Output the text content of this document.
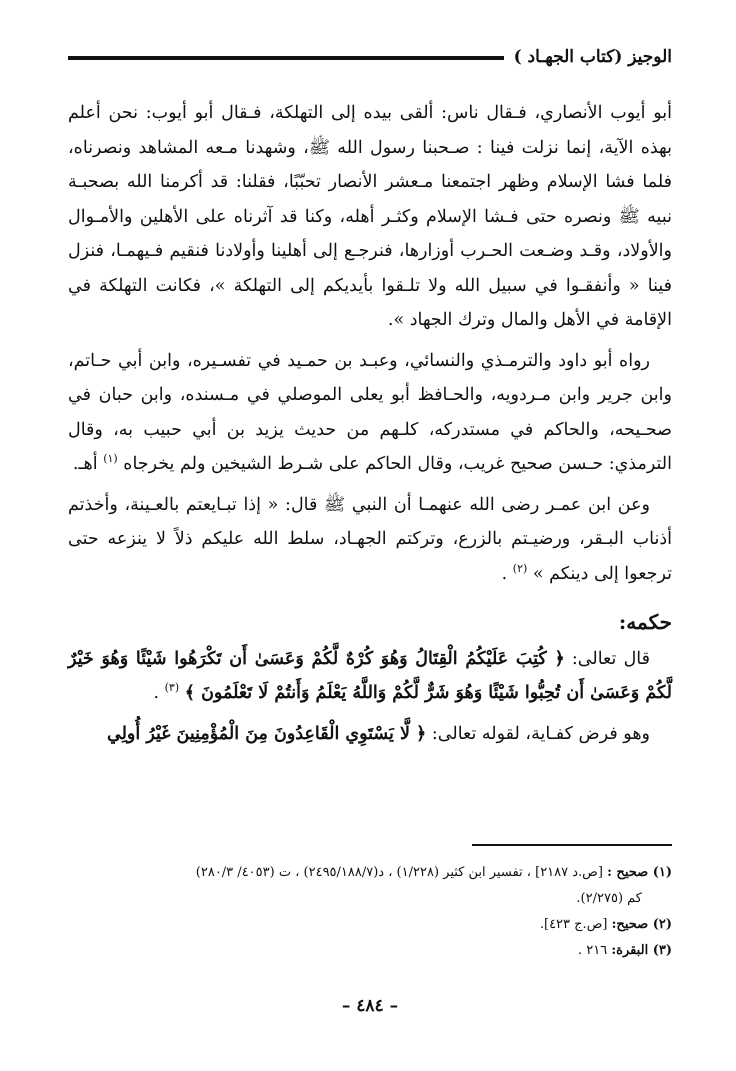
الوجيز (كتاب الجهـاد )

أبو أيوب الأنصاري، فـقال ناس: ألقى بيده إلى التهلكة، فـقال أبو أيوب: نحن أعلم بهذه الآية، إنما نزلت فينا : صـحبنا رسول الله ﷺ، وشهدنا مـعه المشاهد ونصرناه، فلما فشا الإسلام وظهر اجتمعنا مـعشر الأنصار تحبّبًا، فقلنا: قد أكرمنا الله بصحبـة نبيه ﷺ ونصره حتى فـشا الإسلام وكثـر أهله، وكنا قد آثرناه على الأهلين والأمـوال والأولاد، وقـد وضـعت الحـرب أوزارها، فنرجـع إلى أهلينا وأولادنا فنقيم فـيهمـا، فنزل فينا « وأنفقـوا في سبيل الله ولا تلـقوا بأيديكم إلى التهلكة »، فكانت التهلكة في الإقامة في الأهل والمال وترك الجهاد ».

رواه أبو داود والترمـذي والنسائي، وعبـد بن حمـيد في تفسـيره، وابن أبي حـاتم، وابن جرير وابن مـردويه، والحـافظ أبو يعلى الموصلي في مـسنده، وابن حبان في صحـيحه، والحاكم في مستدركه، كلـهم من حديث يزيد بن أبي حبيب به، وقال الترمذي: حـسن صحيح غريب، وقال الحاكم على شـرط الشيخين ولم يخرجاه $^{(١)}$ أهـ.

وعن ابن عمـر رضى الله عنهمـا أن النبي ﷺ قال: « إذا تبـايعتم بالعـينة، وأخذتم أذناب البـقر، ورضيـتم بالزرع، وتركتم الجهـاد، سلط الله عليكم ذلاً لا ينزعه حتى ترجعوا إلى دينكم » $^{(٢)}$ .

حكمه:

قال تعالى: ﴿ كُتِبَ عَلَيْكُمُ الْقِتَالُ وَهُوَ كُرْهٌ لَّكُمْ وَعَسَىٰ أَن تَكْرَهُوا شَيْئًا وَهُوَ خَيْرٌ لَّكُمْ وَعَسَىٰ أَن تُحِبُّوا شَيْئًا وَهُوَ شَرٌّ لَّكُمْ وَاللَّهُ يَعْلَمُ وَأَنتُمْ لَا تَعْلَمُونَ ﴾ $^{(٣)}$ .

وهو فرض كفـاية، لقوله تعالى: ﴿ لَّا يَسْتَوِي الْقَاعِدُونَ مِنَ الْمُؤْمِنِينَ غَيْرُ أُولِي

(١) صحيح : [ص.د ٢١٨٧] ، تفسير ابن كثير (١/٢٢٨) ، د(٢٤٩٥/١٨٨/٧) ، ت (٤٠٥٣/ ٢٨٠/٣)
كم (٢/٢٧٥).
(٢) صحيح: [ص.ج ٤٢٣].
(٣) البقرة: ٢١٦ .
– ٤٨٤ –
